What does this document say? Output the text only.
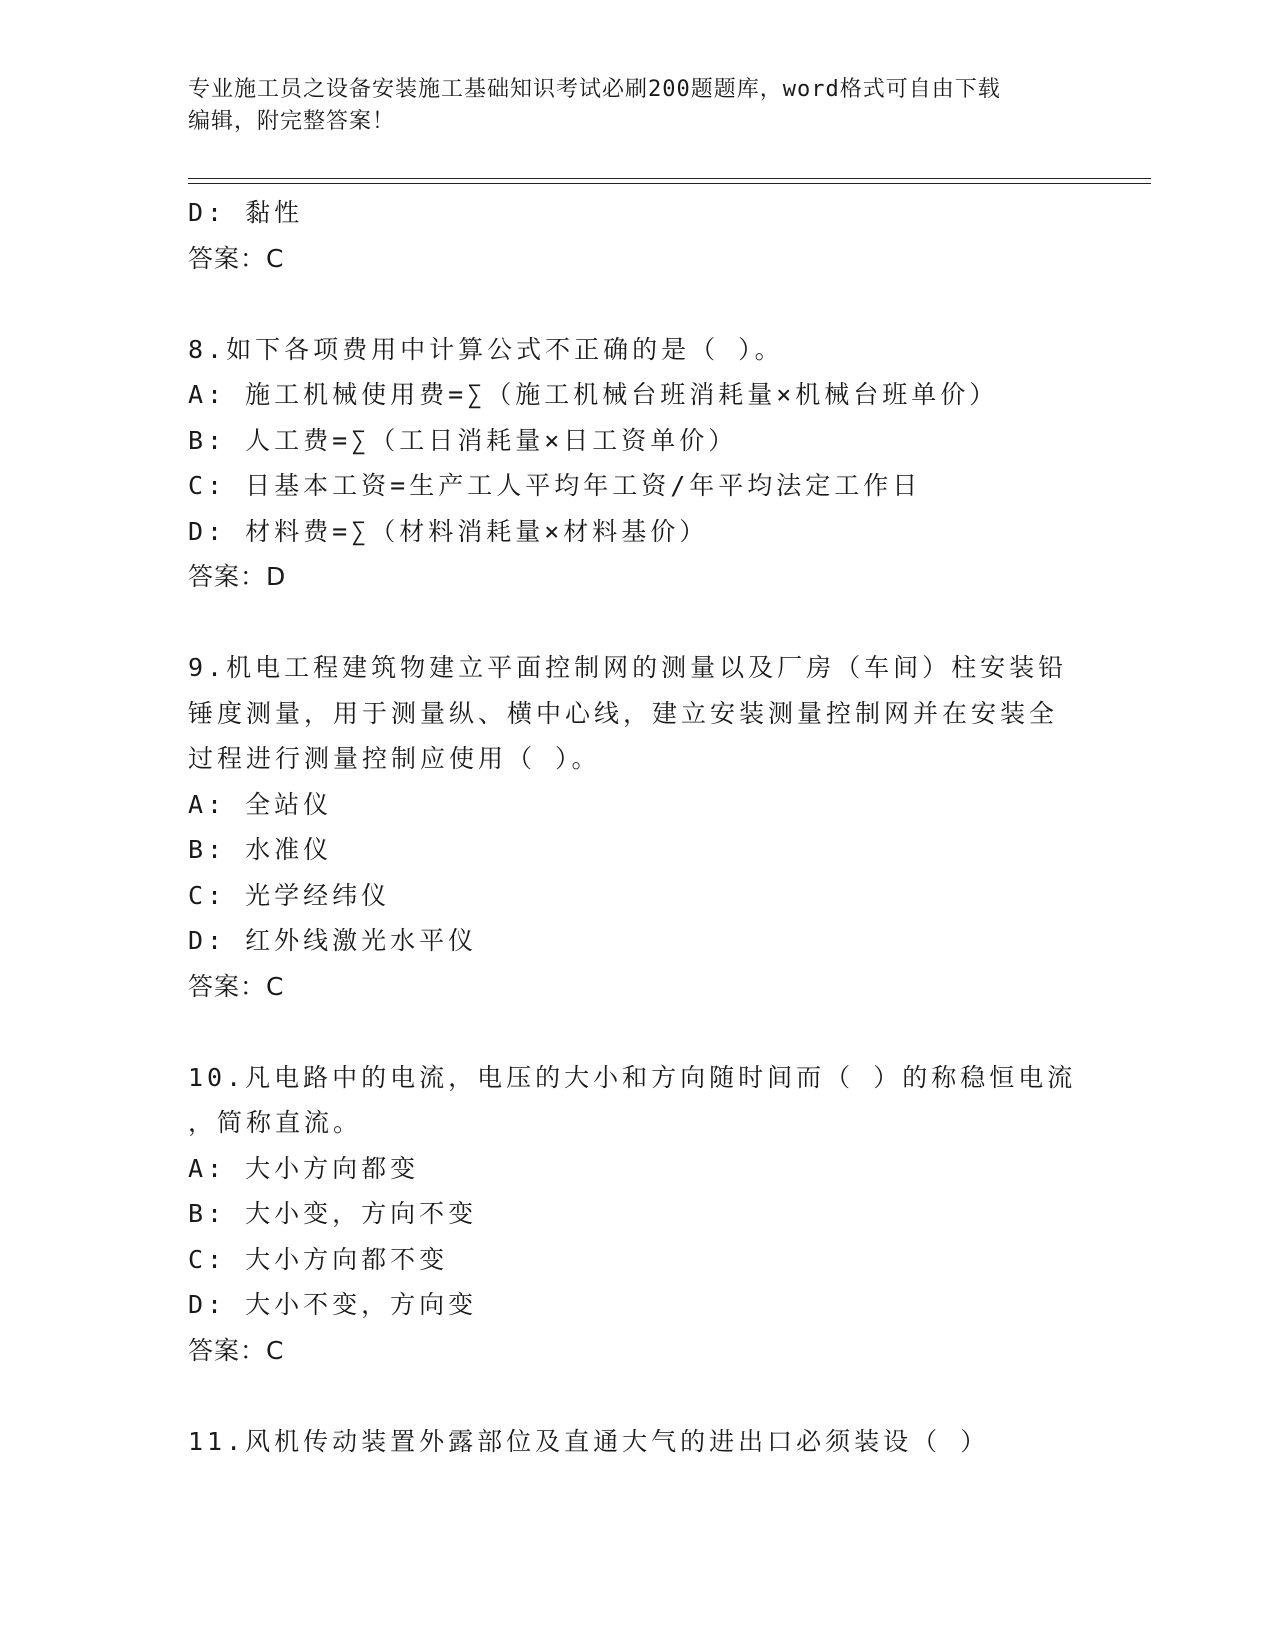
专业施工员之设备安装施工基础知识考试必刷200题题库，word格式可自由下载
编辑，附完整答案！
D: 黏性
答案：C
8.如下各项费用中计算公式不正确的是（ ）。
A: 施工机械使用费=∑（施工机械台班消耗量×机械台班单价）
B: 人工费=∑（工日消耗量×日工资单价）
C: 日基本工资=生产工人平均年工资/年平均法定工作日
D: 材料费=∑（材料消耗量×材料基价）
答案：D
9.机电工程建筑物建立平面控制网的测量以及厂房（车间）柱安装铅
锤度测量，用于测量纵、横中心线，建立安装测量控制网并在安装全
过程进行测量控制应使用（ ）。
A: 全站仪
B: 水准仪
C: 光学经纬仪
D: 红外线激光水平仪
答案：C
10.凡电路中的电流，电压的大小和方向随时间而（ ）的称稳恒电流
，简称直流。
A: 大小方向都变
B: 大小变，方向不变
C: 大小方向都不变
D: 大小不变，方向变
答案：C
11.风机传动装置外露部位及直通大气的进出口必须装设（ ）
